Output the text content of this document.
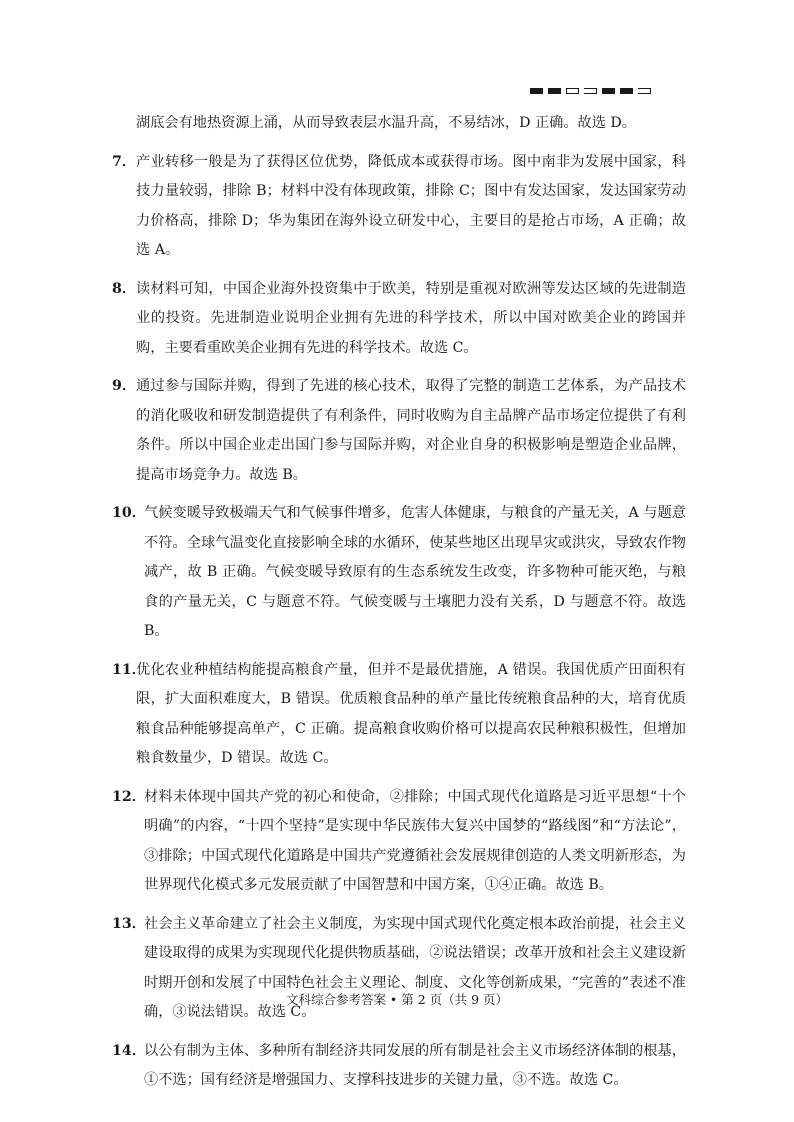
湖底会有地热资源上涌，从而导致表层水温升高，不易结冰，D 正确。故选 D。
7． 产业转移一般是为了获得区位优势，降低成本或获得市场。图中南非为发展中国家，科技力量较弱，排除 B；材料中没有体现政策，排除 C；图中有发达国家，发达国家劳动力价格高，排除 D；华为集团在海外设立研发中心，主要目的是抢占市场，A 正确；故选 A。
8． 读材料可知，中国企业海外投资集中于欧美，特别是重视对欧洲等发达区域的先进制造业的投资。先进制造业说明企业拥有先进的科学技术，所以中国对欧美企业的跨国并购，主要看重欧美企业拥有先进的科学技术。故选 C。
9． 通过参与国际并购，得到了先进的核心技术，取得了完整的制造工艺体系，为产品技术的消化吸收和研发制造提供了有利条件，同时收购为自主品牌产品市场定位提供了有利条件。所以中国企业走出国门参与国际并购，对企业自身的积极影响是塑造企业品牌，提高市场竞争力。故选 B。
10．
气候变暖导致极端天气和气候事件增多，危害人体健康，与粮食的产量无关，A 与题意不符。全球气温变化直接影响全球的水循环，使某些地区出现旱灾或洪灾，导致农作物减产，故 B 正确。气候变暖导致原有的生态系统发生改变，许多物种可能灭绝，与粮食的产量无关，C 与题意不符。气候变暖与土壤肥力没有关系，D 与题意不符。故选 B。
11．
优化农业种植结构能提高粮食产量，但并不是最优措施，A 错误。我国优质产田面积有限，扩大面积难度大，B 错误。优质粮食品种的单产量比传统粮食品种的大，培育优质粮食品种能够提高单产，C 正确。提高粮食收购价格可以提高农民种粮积极性，但增加粮食数量少，D 错误。故选 C。
12．
材料未体现中国共产党的初心和使命，②排除；中国式现代化道路是习近平思想“十个明确”的内容，“十四个坚持”是实现中华民族伟大复兴中国梦的“路线图”和“方法论”，③排除；中国式现代化道路是中国共产党遵循社会发展规律创造的人类文明新形态，为世界现代化模式多元发展贡献了中国智慧和中国方案，①④正确。故选 B。
13．
社会主义革命建立了社会主义制度，为实现中国式现代化奠定根本政治前提，社会主义建设取得的成果为实现现代化提供物质基础，②说法错误；改革开放和社会主义建设新时期开创和发展了中国特色社会主义理论、制度、文化等创新成果，“完善的”表述不准确，③说法错误。故选 C。
14．
以公有制为主体、多种所有制经济共同发展的所有制是社会主义市场经济体制的根基，①不选；国有经济是增强国力、支撑科技进步的关键力量，③不选。故选 C。
文科综合参考答案 • 第 2 页（共 9 页）
